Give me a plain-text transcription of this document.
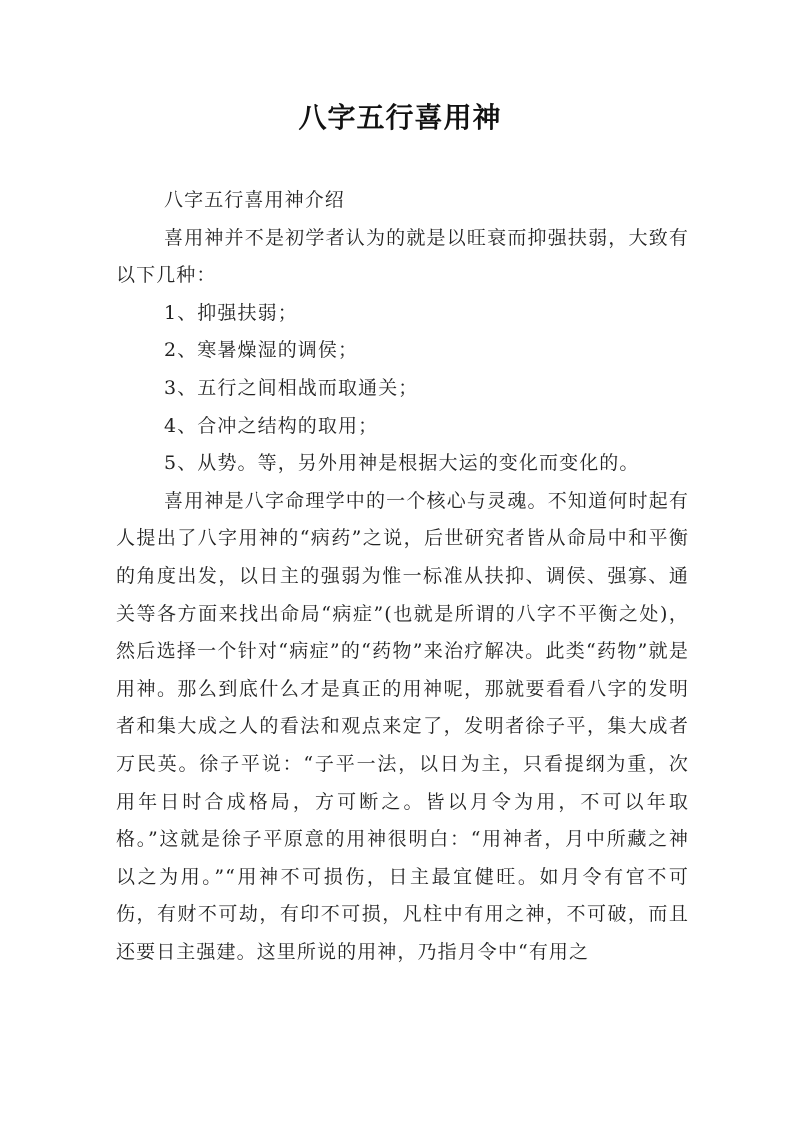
八字五行喜用神

八字五行喜用神介绍

喜用神并不是初学者认为的就是以旺衰而抑强扶弱，大致有以下几种：

1、抑强扶弱；

2、寒暑燥湿的调侯；

3、五行之间相战而取通关；

4、合冲之结构的取用；

5、从势。等，另外用神是根据大运的变化而变化的。

喜用神是八字命理学中的一个核心与灵魂。不知道何时起有人提出了八字用神的“病药”之说，后世研究者皆从命局中和平衡的角度出发，以日主的强弱为惟一标准从扶抑、调侯、强寡、通关等各方面来找出命局“病症”(也就是所谓的八字不平衡之处)，然后选择一个针对“病症”的“药物”来治疗解决。此类“药物”就是用神。那么到底什么才是真正的用神呢，那就要看看八字的发明者和集大成之人的看法和观点来定了，发明者徐子平，集大成者万民英。徐子平说：“子平一法，以日为主，只看提纲为重，次用年日时合成格局，方可断之。皆以月令为用，不可以年取格。”这就是徐子平原意的用神很明白：“用神者，月中所藏之神以之为用。”“用神不可损伤，日主最宜健旺。如月令有官不可伤，有财不可劫，有印不可损，凡柱中有用之神，不可破，而且还要日主强建。这里所说的用神，乃指月令中“有用之
